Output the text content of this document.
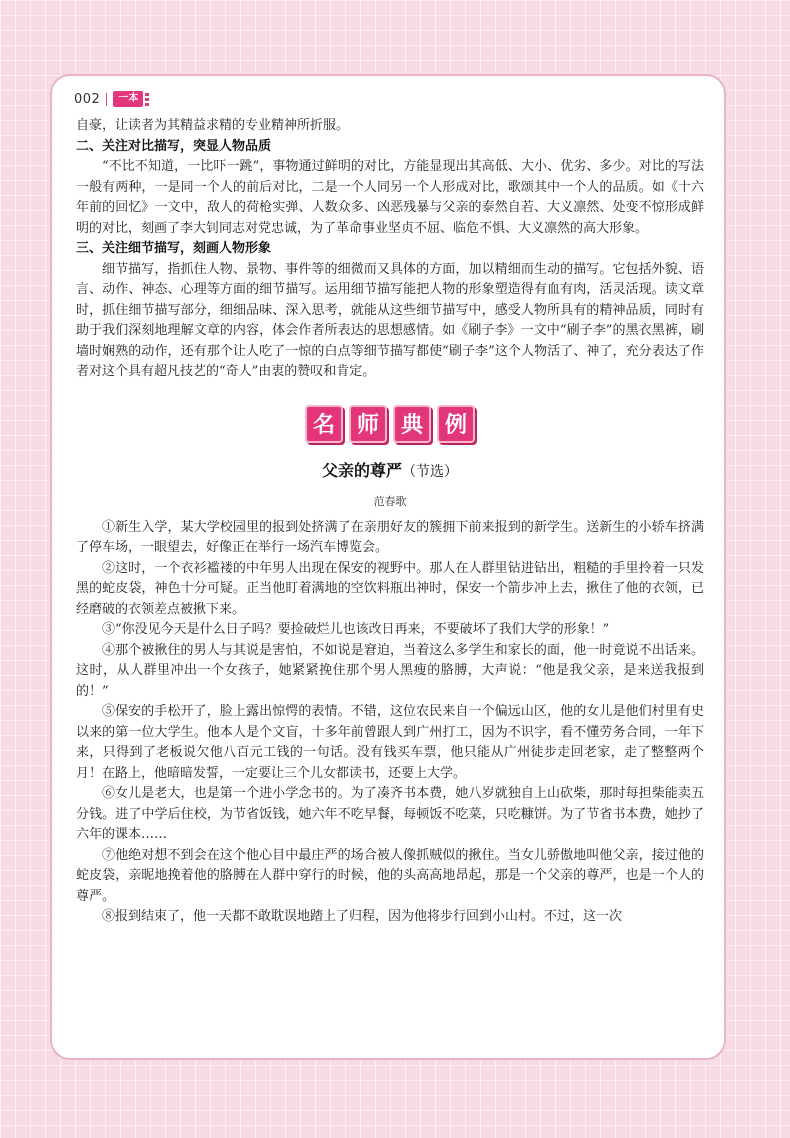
002	一本

自豪，让读者为其精益求精的专业精神所折服。

二、关注对比描写，突显人物品质

“不比不知道，一比吓一跳”，事物通过鲜明的对比，方能显现出其高低、大小、优劣、多少。对比的写法一般有两种，一是同一个人的前后对比，二是一个人同另一个人形成对比，歌颂其中一个人的品质。如《十六年前的回忆》一文中，敌人的荷枪实弹、人数众多、凶恶残暴与父亲的泰然自若、大义凛然、处变不惊形成鲜明的对比，刻画了李大钊同志对党忠诚，为了革命事业坚贞不屈、临危不惧、大义凛然的高大形象。

三、关注细节描写，刻画人物形象

细节描写，指抓住人物、景物、事件等的细微而又具体的方面，加以精细而生动的描写。它包括外貌、语言、动作、神态、心理等方面的细节描写。运用细节描写能把人物的形象塑造得有血有肉，活灵活现。读文章时，抓住细节描写部分，细细品味、深入思考，就能从这些细节描写中，感受人物所具有的精神品质，同时有助于我们深刻地理解文章的内容，体会作者所表达的思想感情。如《刷子李》一文中“刷子李”的黑衣黑裤，刷墙时娴熟的动作，还有那个让人吃了一惊的白点等细节描写都使“刷子李”这个人物活了、神了，充分表达了作者对这个具有超凡技艺的“奇人”由衷的赞叹和肯定。

名 师 典 例
父亲的尊严（节选）
范春歌

①新生入学，某大学校园里的报到处挤满了在亲朋好友的簇拥下前来报到的新学生。送新生的小轿车挤满了停车场，一眼望去，好像正在举行一场汽车博览会。

②这时，一个衣衫褴褛的中年男人出现在保安的视野中。那人在人群里钻进钻出，粗糙的手里拎着一只发黑的蛇皮袋，神色十分可疑。正当他盯着满地的空饮料瓶出神时，保安一个箭步冲上去，揪住了他的衣领，已经磨破的衣领差点被揪下来。

③“你没见今天是什么日子吗？要捡破烂儿也该改日再来，不要破坏了我们大学的形象！”

④那个被揪住的男人与其说是害怕，不如说是窘迫，当着这么多学生和家长的面，他一时竟说不出话来。这时，从人群里冲出一个女孩子，她紧紧挽住那个男人黑瘦的胳膊，大声说：“他是我父亲，是来送我报到的！”

⑤保安的手松开了，脸上露出惊愕的表情。不错，这位农民来自一个偏远山区，他的女儿是他们村里有史以来的第一位大学生。他本人是个文盲，十多年前曾跟人到广州打工，因为不识字，看不懂劳务合同，一年下来，只得到了老板说欠他八百元工钱的一句话。没有钱买车票，他只能从广州徒步走回老家，走了整整两个月！在路上，他暗暗发誓，一定要让三个儿女都读书，还要上大学。

⑥女儿是老大，也是第一个进小学念书的。为了凑齐书本费，她八岁就独自上山砍柴，那时每担柴能卖五分钱。进了中学后住校，为节省饭钱，她六年不吃早餐，每顿饭不吃菜，只吃糠饼。为了节省书本费，她抄了六年的课本……

⑦他绝对想不到会在这个他心目中最庄严的场合被人像抓贼似的揪住。当女儿骄傲地叫他父亲，接过他的蛇皮袋，亲昵地挽着他的胳膊在人群中穿行的时候，他的头高高地昂起，那是一个父亲的尊严，也是一个人的尊严。

⑧报到结束了，他一天都不敢耽误地踏上了归程，因为他将步行回到小山村。不过，这一次
